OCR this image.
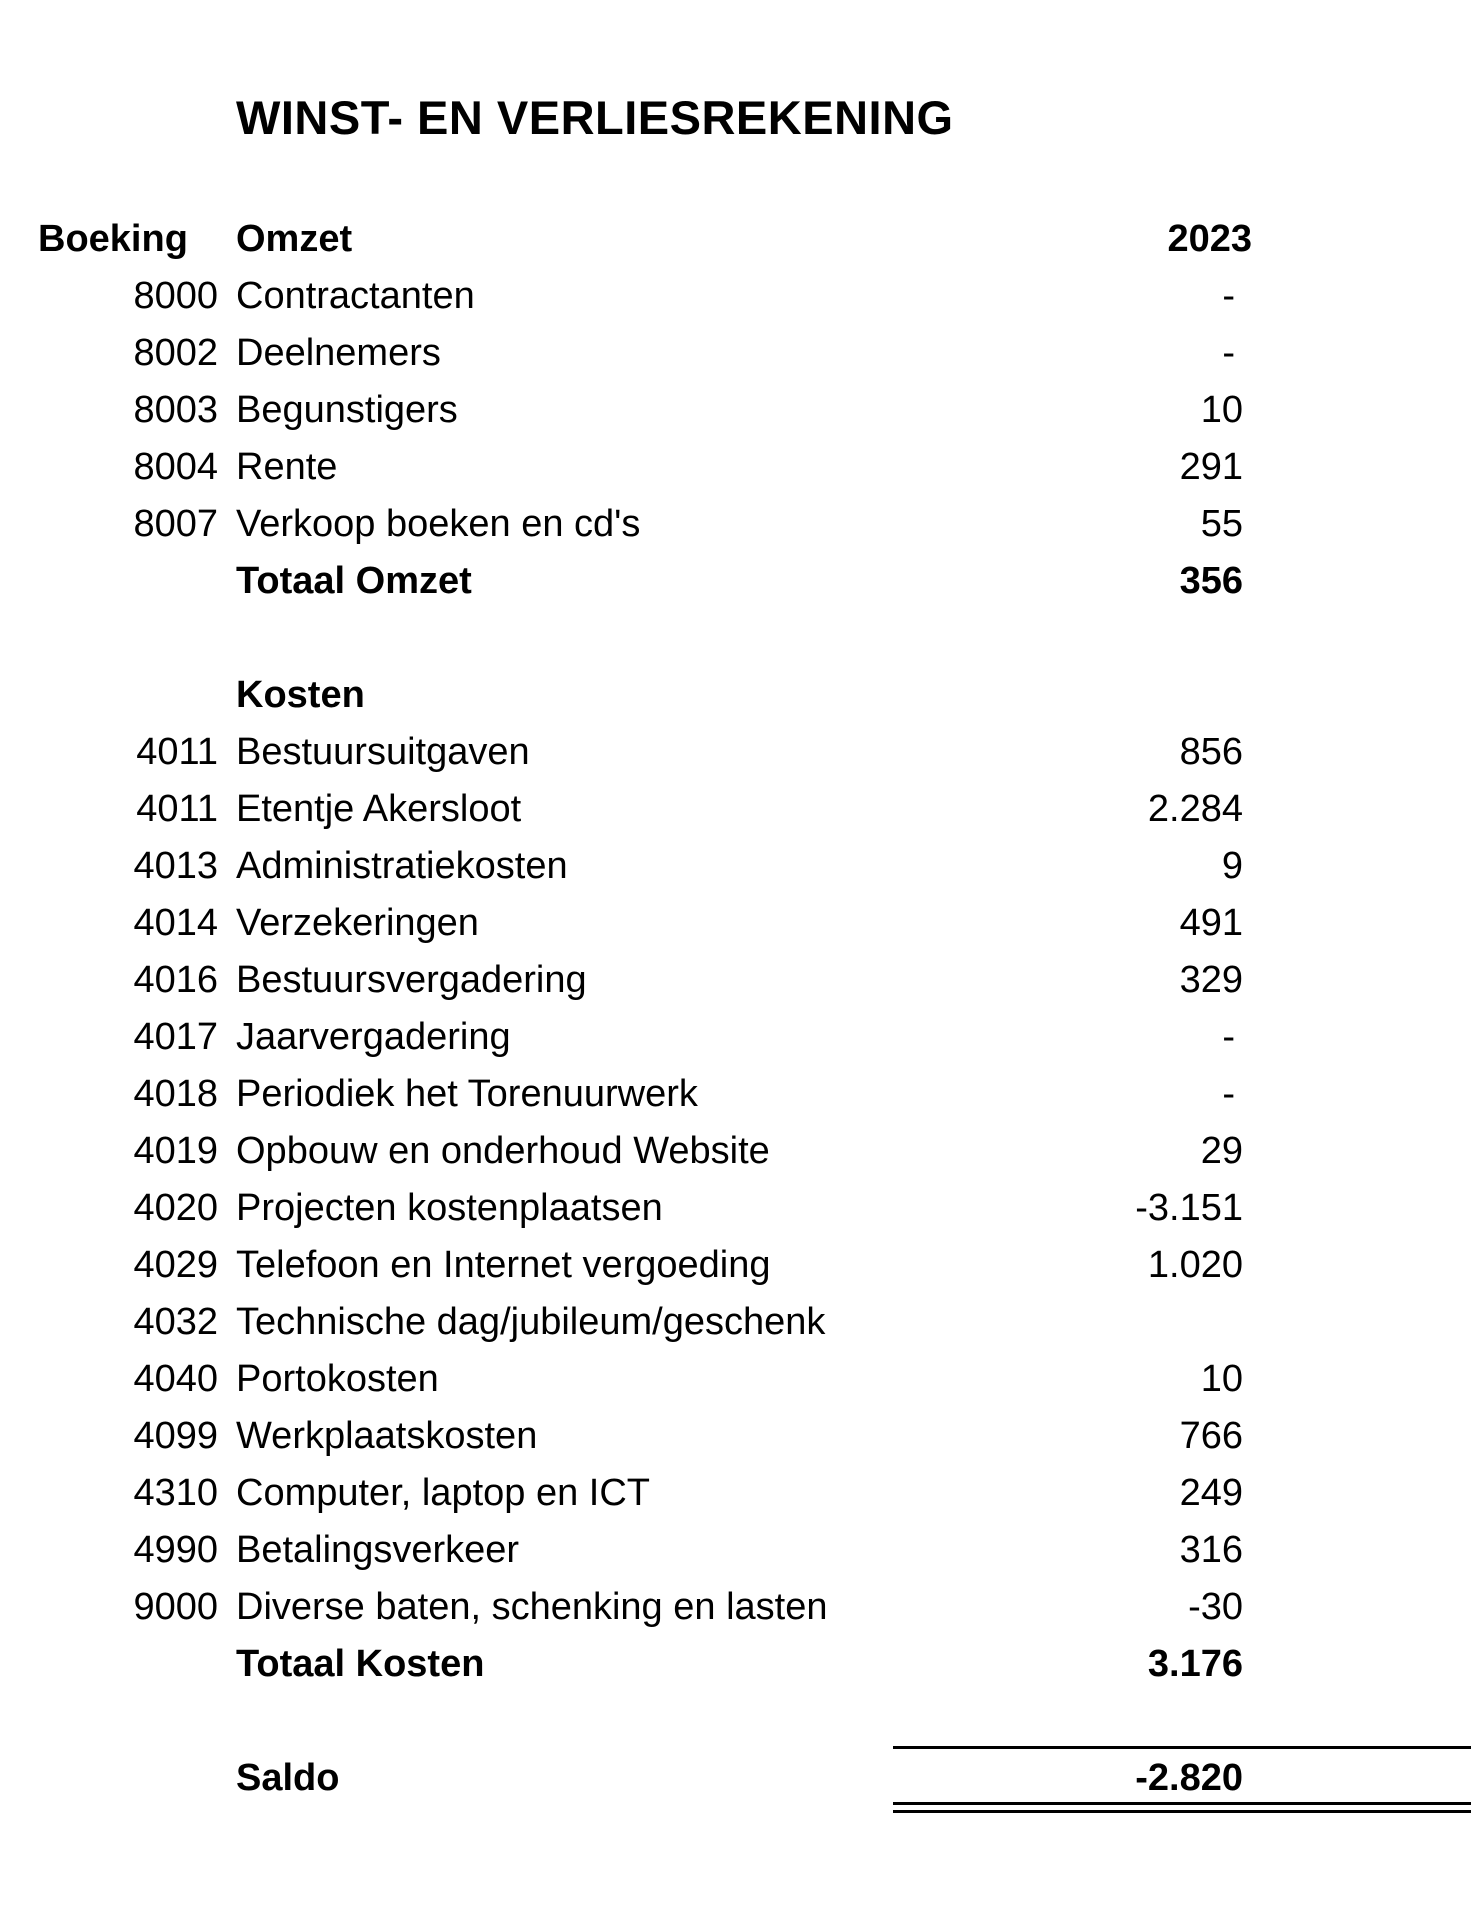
WINST- EN VERLIESREKENING
Boeking Omzet	2023
8000 Contractanten	-
8002 Deelnemers	-
8003 Begunstigers	10
8004 Rente	291
8007 Verkoop boeken en cd's	55
Totaal Omzet	356
Kosten
4011 Bestuursuitgaven	856
4011 Etentje Akersloot	2.284
4013 Administratiekosten	9
4014 Verzekeringen	491
4016 Bestuursvergadering	329
4017 Jaarvergadering	-
4018 Periodiek het Torenuurwerk	-
4019 Opbouw en onderhoud Website	29
4020 Projecten kostenplaatsen	-3.151
4029 Telefoon en Internet vergoeding	1.020
4032 Technische dag/jubileum/geschenk
4040 Portokosten	10
4099 Werkplaatskosten	766
4310 Computer, laptop en ICT	249
4990 Betalingsverkeer	316
9000 Diverse baten, schenking en lasten	-30
Totaal Kosten	3.176
Saldo	-2.820
